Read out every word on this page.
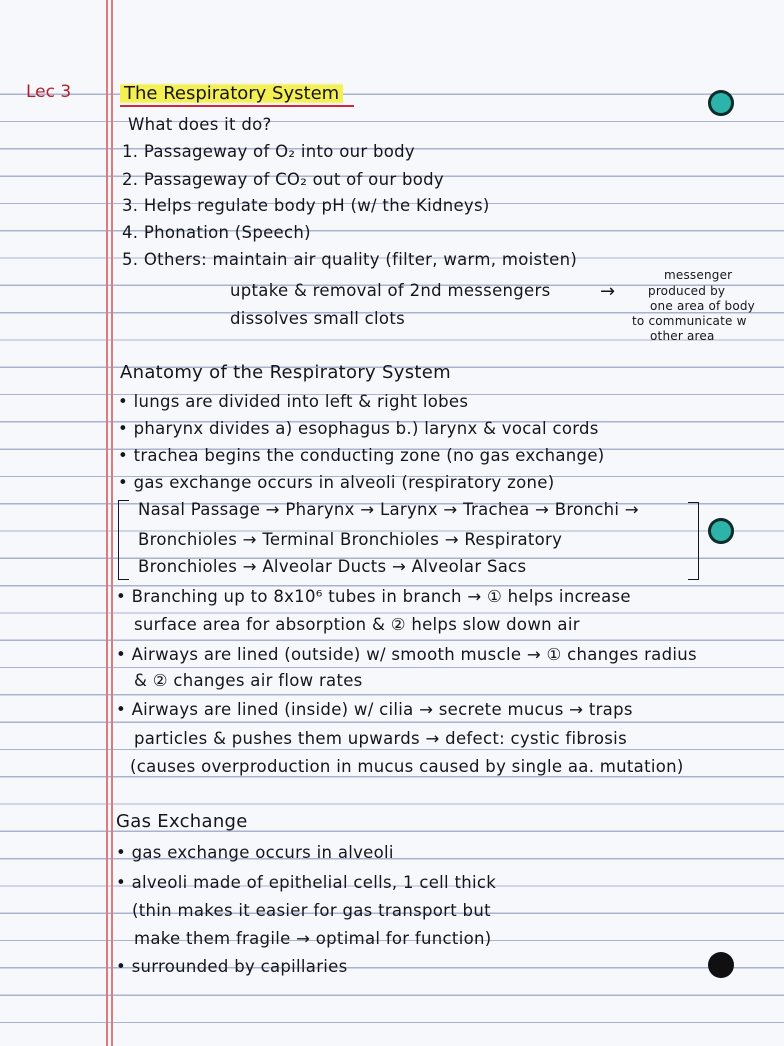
Lec 3	The Respiratory System
What does it do?
1. Passageway of O₂ into our body
2. Passageway of CO₂ out of our body
3. Helps regulate body pH (w/ the Kidneys)
4. Phonation (Speech)
5. Others: maintain air quality (filter, warm, moisten)
uptake & removal of 2nd messengers
dissolves small clots
→
messenger
produced by
one area of body
to communicate w
other area
Anatomy of the Respiratory System
• lungs are divided into left & right lobes
• pharynx divides a) esophagus b.) larynx & vocal cords
• trachea begins the conducting zone (no gas exchange)
• gas exchange occurs in alveoli (respiratory zone)
Nasal Passage → Pharynx → Larynx → Trachea → Bronchi →
Bronchioles → Terminal Bronchioles → Respiratory
Bronchioles → Alveolar Ducts → Alveolar Sacs
• Branching up to 8x10⁶ tubes in branch → ① helps increase
surface area for absorption & ② helps slow down air
• Airways are lined (outside) w/ smooth muscle → ① changes radius
& ② changes air flow rates
• Airways are lined (inside) w/ cilia → secrete mucus → traps
particles & pushes them upwards → defect: cystic fibrosis
(causes overproduction in mucus caused by single aa. mutation)
Gas Exchange
• gas exchange occurs in alveoli
• alveoli made of epithelial cells, 1 cell thick
(thin makes it easier for gas transport but
make them fragile → optimal for function)
• surrounded by capillaries
